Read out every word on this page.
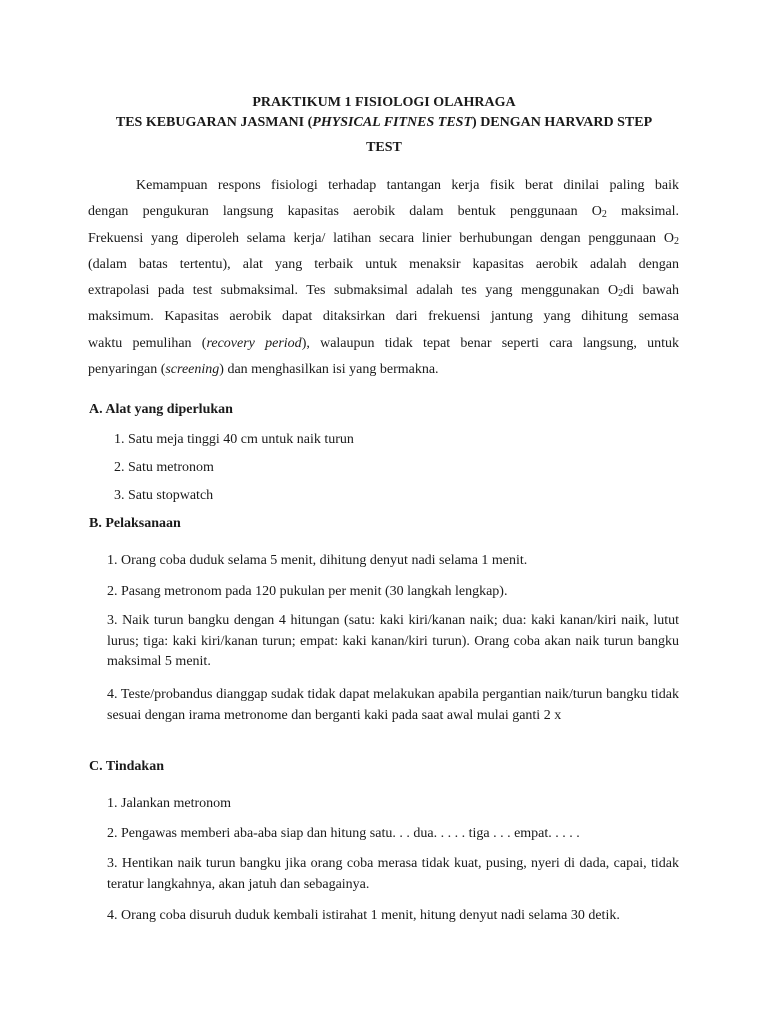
PRAKTIKUM 1 FISIOLOGI OLAHRAGA
TES KEBUGARAN JASMANI (PHYSICAL FITNES TEST) DENGAN HARVARD STEP
TEST
Kemampuan respons fisiologi terhadap tantangan kerja fisik berat dinilai paling baik
dengan pengukuran langsung kapasitas aerobik dalam bentuk penggunaan $O_2$ maksimal.
Frekuensi yang diperoleh selama kerja/ latihan secara linier berhubungan dengan penggunaan $O_2$
(dalam batas tertentu), alat yang terbaik untuk menaksir kapasitas aerobik adalah dengan
extrapolasi pada test submaksimal. Tes submaksimal adalah tes yang menggunakan $O_2di$ bawah
maksimum. Kapasitas aerobik dapat ditaksirkan dari frekuensi jantung yang dihitung semasa
waktu pemulihan (recovery period), walaupun tidak tepat benar seperti cara langsung, untuk
penyaringan (screening) dan menghasilkan isi yang bermakna.
A. Alat yang diperlukan
1. Satu meja tinggi 40 cm untuk naik turun
2. Satu metronom
3. Satu stopwatch
B. Pelaksanaan
1. Orang coba duduk selama 5 menit, dihitung denyut nadi selama 1 menit.
2. Pasang metronom pada 120 pukulan per menit (30 langkah lengkap).
3. Naik turun bangku dengan 4 hitungan (satu: kaki kiri/kanan naik; dua: kaki kanan/kiri naik, lutut lurus; tiga: kaki kiri/kanan turun; empat: kaki kanan/kiri turun). Orang coba akan naik turun bangku maksimal 5 menit.
4. Teste/probandus dianggap sudak tidak dapat melakukan apabila pergantian naik/turun bangku tidak sesuai dengan irama metronome dan berganti kaki pada saat awal mulai ganti 2 x
C. Tindakan
1. Jalankan metronom
2. Pengawas memberi aba-aba siap dan hitung satu. . . dua. . . . . tiga . . . empat. . . . .
3. Hentikan naik turun bangku jika orang coba merasa tidak kuat, pusing, nyeri di dada, capai, tidak teratur langkahnya, akan jatuh dan sebagainya.
4. Orang coba disuruh duduk kembali istirahat 1 menit, hitung denyut nadi selama 30 detik.
